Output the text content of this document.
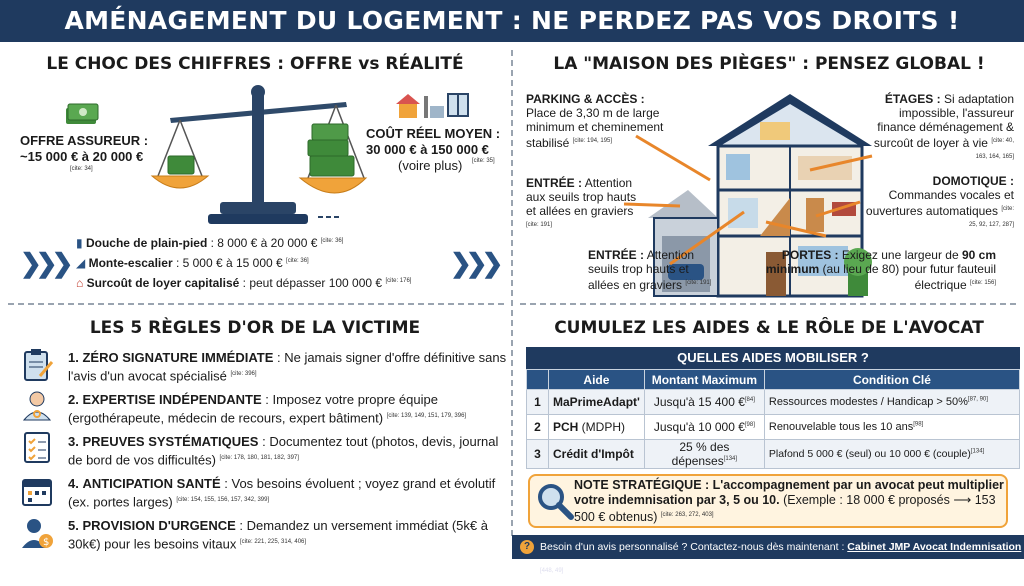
AMÉNAGEMENT DU LOGEMENT : NE PERDEZ PAS VOS DROITS !
LE CHOC DES CHIFFRES : OFFRE vs RÉALITÉ
OFFRE ASSUREUR :
~15 000 € à 20 000 €
[cite: 34]
COÛT RÉEL MOYEN :
30 000 € à 150 000 €
(voire plus) [cite: 35]
❯❯❯	❯❯❯
▮ Douche de plain-pied : 8 000 € à 20 000 € [cite: 36]
◢ Monte-escalier : 5 000 € à 15 000 € [cite: 36]
⌂ Surcoût de loyer capitalisé : peut dépasser 100 000 € [cite: 176]
LA "MAISON DES PIÈGES" : PENSEZ GLOBAL !
PARKING & ACCÈS : Place de 3,30 m de large minimum et cheminement stabilisé [cite: 194, 195]
ENTRÉE : Attention aux seuils trop hauts et allées en graviers [cite: 191]
ENTRÉE : Attention seuils trop hauts et allées en graviers [cite: 191]
ÉTAGES : Si adaptation impossible, l'assureur finance déménagement & surcoût de loyer à vie [cite: 40, 163, 164, 165]
DOMOTIQUE : Commandes vocales et ouvertures automatiques [cite: 25, 92, 127, 287]
PORTES : Exigez une largeur de 90 cm minimum (au lieu de 80) pour futur fauteuil électrique [cite: 156]
LES 5 RÈGLES D'OR DE LA VICTIME
$
1. ZÉRO SIGNATURE IMMÉDIATE : Ne jamais signer d'offre définitive sans l'avis d'un avocat spécialisé [cite: 396]
2. EXPERTISE INDÉPENDANTE : Imposez votre propre équipe (ergothérapeute, médecin de recours, expert bâtiment) [cite: 139, 149, 151, 179, 396]
3. PREUVES SYSTÉMATIQUES : Documentez tout (photos, devis, journal de bord de vos difficultés) [cite: 178, 180, 181, 182, 397]
4. ANTICIPATION SANTÉ : Vos besoins évoluent ; voyez grand et évolutif (ex. portes larges) [cite: 154, 155, 156, 157, 342, 399]
5. PROVISION D'URGENCE : Demandez un versement immédiat (5k€ à 30k€) pour les besoins vitaux [cite: 221, 225, 314, 406]
CUMULEZ LES AIDES & LE RÔLE DE L'AVOCAT
QUELLES AIDES MOBILISER ?
	Aide	Montant Maximum	Condition Clé
1	MaPrimeAdapt'	Jusqu'à 15 400 €[84]	Ressources modestes / Handicap > 50%[87, 90]
2	PCH (MDPH)	Jusqu'à 10 000 €[98]	Renouvelable tous les 10 ans[98]
3	Crédit d'Impôt	25 % des dépenses[134]	Plafond 5 000 € (seul) ou 10 000 € (couple)[134]
NOTE STRATÉGIQUE : L'accompagnement par un avocat peut multiplier votre indemnisation par 3, 5 ou 10. (Exemple : 18 000 € proposés ⟶ 153 500 € obtenus) [cite: 263, 272, 403]
? Besoin d'un avis personnalisé ? Contactez-nous dès maintenant : Cabinet JMP Avocat Indemnisation [448, 49]
